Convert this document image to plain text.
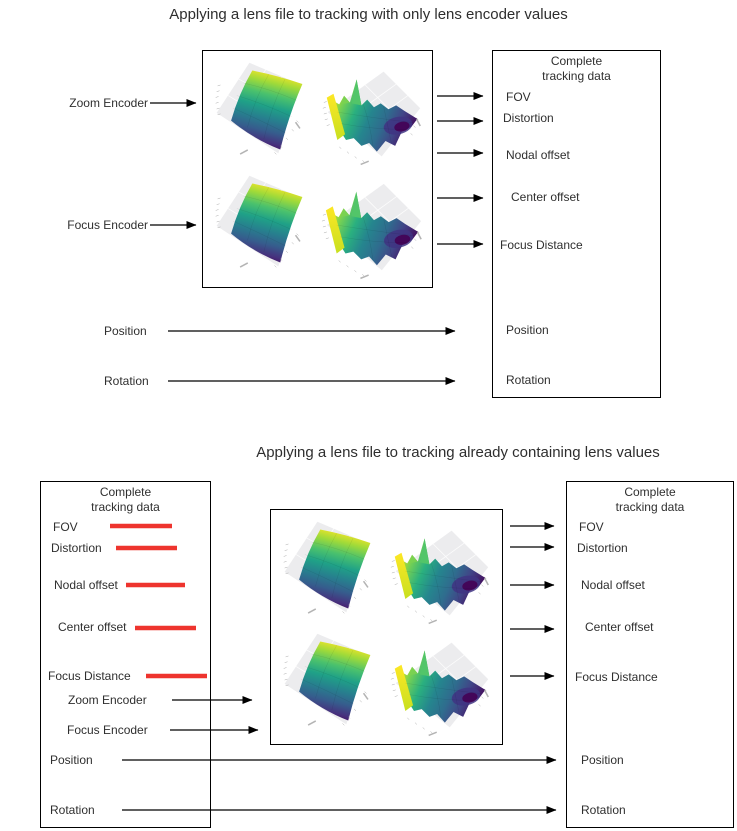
Applying a lens file to tracking with only lens encoder values
Zoom Encoder
Focus Encoder
Position
Rotation
Complete
tracking data
FOV
Distortion
Nodal offset
Center offset
Focus Distance
Position
Rotation
Applying a lens file to tracking already containing lens values
Complete
tracking data
FOV
Distortion
Nodal offset
Center offset
Focus Distance
Zoom Encoder
Focus Encoder
Position
Rotation
Complete
tracking data
FOV
Distortion
Nodal offset
Center offset
Focus Distance
Position
Rotation
